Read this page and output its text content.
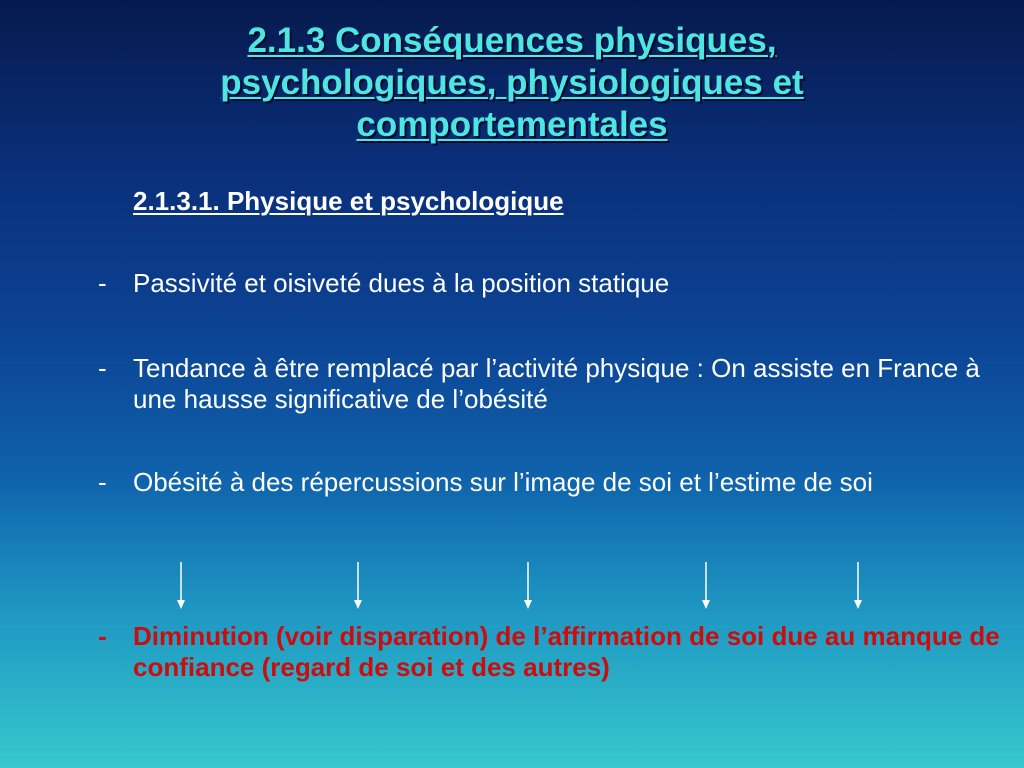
2.1.3 Conséquences physiques,
psychologiques, physiologiques et
comportementales
2.1.3.1. Physique et psychologique
- Passivité et oisiveté dues à la position statique
- Tendance à être remplacé par l’activité physique : On assiste en France à une hausse significative de l’obésité
- Obésité à des répercussions sur l’image de soi et l’estime de soi
- Diminution (voir disparation) de l’affirmation de soi due au manque de confiance (regard de soi et des autres)
